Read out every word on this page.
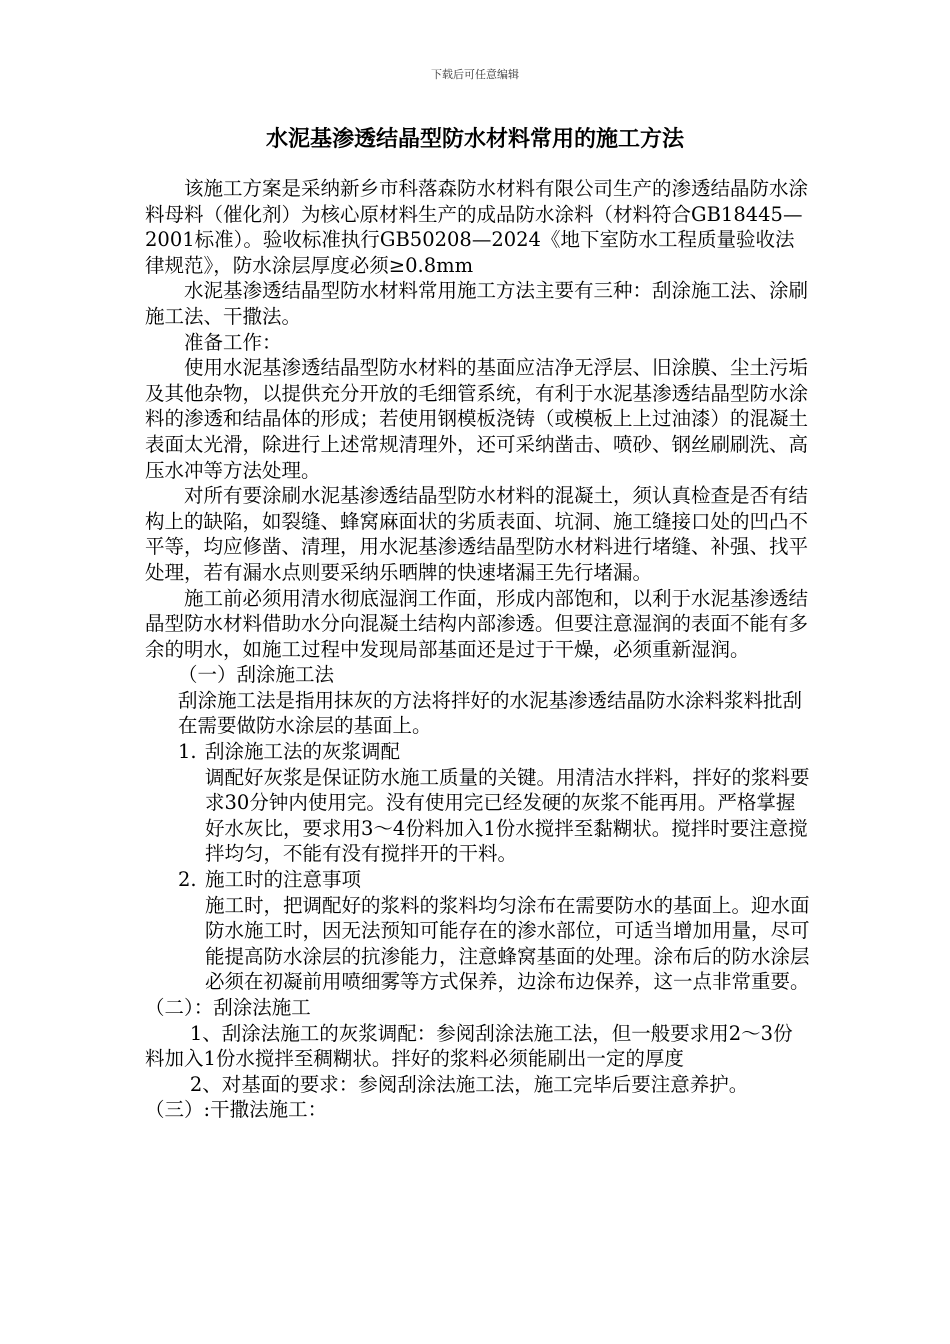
下载后可任意编辑
水泥基渗透结晶型防水材料常用的施工方法

该施工方案是采纳新乡市科落森防水材料有限公司生产的渗透结晶防水涂料母料（催化剂）为核心原材料生产的成品防水涂料（材料符合GB18445—2001标准）。验收标准执行GB50208—2024《地下室防水工程质量验收法律规范》，防水涂层厚度必须≥0.8mm

水泥基渗透结晶型防水材料常用施工方法主要有三种：刮涂施工法、涂刷施工法、干撒法。

准备工作：

使用水泥基渗透结晶型防水材料的基面应洁净无浮层、旧涂膜、尘土污垢及其他杂物，以提供充分开放的毛细管系统，有利于水泥基渗透结晶型防水涂料的渗透和结晶体的形成；若使用钢模板浇铸（或模板上上过油漆）的混凝土表面太光滑，除进行上述常规清理外，还可采纳凿击、喷砂、钢丝刷刷洗、高压水冲等方法处理。

对所有要涂刷水泥基渗透结晶型防水材料的混凝土，须认真检查是否有结构上的缺陷，如裂缝、蜂窝麻面状的劣质表面、坑洞、施工缝接口处的凹凸不平等，均应修凿、清理，用水泥基渗透结晶型防水材料进行堵缝、补强、找平处理，若有漏水点则要采纳乐晒牌的快速堵漏王先行堵漏。

施工前必须用清水彻底湿润工作面，形成内部饱和，以利于水泥基渗透结晶型防水材料借助水分向混凝土结构内部渗透。但要注意湿润的表面不能有多余的明水，如施工过程中发现局部基面还是过于干燥，必须重新湿润。

（一）刮涂施工法

刮涂施工法是指用抹灰的方法将拌好的水泥基渗透结晶防水涂料浆料批刮在需要做防水涂层的基面上。

1. 刮涂施工法的灰浆调配

调配好灰浆是保证防水施工质量的关键。用清洁水拌料，拌好的浆料要求30分钟内使用完。没有使用完已经发硬的灰浆不能再用。严格掌握好水灰比，要求用3～4份料加入1份水搅拌至黏糊状。搅拌时要注意搅拌均匀，不能有没有搅拌开的干料。

2. 施工时的注意事项

施工时，把调配好的浆料的浆料均匀涂布在需要防水的基面上。迎水面防水施工时，因无法预知可能存在的渗水部位，可适当增加用量，尽可能提高防水涂层的抗渗能力，注意蜂窝基面的处理。涂布后的防水涂层必须在初凝前用喷细雾等方式保养，边涂布边保养，这一点非常重要。

（二）：刮涂法施工

1、刮涂法施工的灰浆调配：参阅刮涂法施工法，但一般要求用2～3份料加入1份水搅拌至稠糊状。拌好的浆料必须能刷出一定的厚度

2、对基面的要求：参阅刮涂法施工法，施工完毕后要注意养护。

（三）:干撒法施工：
